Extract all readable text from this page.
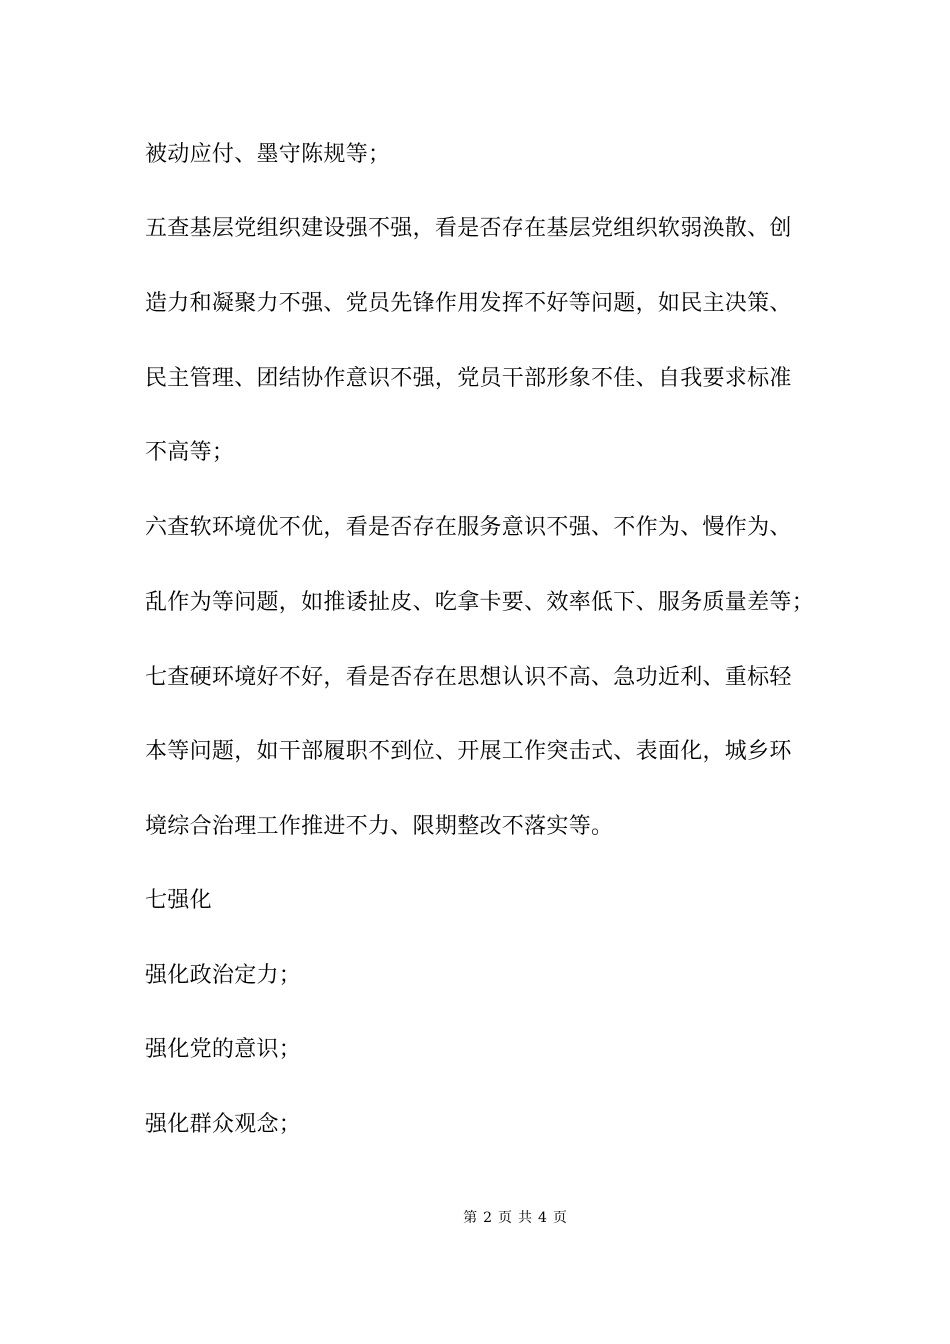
被动应付、墨守陈规等；
五查基层党组织建设强不强，看是否存在基层党组织软弱涣散、创
造力和凝聚力不强、党员先锋作用发挥不好等问题，如民主决策、
民主管理、团结协作意识不强，党员干部形象不佳、自我要求标准
不高等；
六查软环境优不优，看是否存在服务意识不强、不作为、慢作为、
乱作为等问题，如推诿扯皮、吃拿卡要、效率低下、服务质量差等；
七查硬环境好不好，看是否存在思想认识不高、急功近利、重标轻
本等问题，如干部履职不到位、开展工作突击式、表面化，城乡环
境综合治理工作推进不力、限期整改不落实等。
七强化
强化政治定力；
强化党的意识；
强化群众观念；
第 2 页 共 4 页
